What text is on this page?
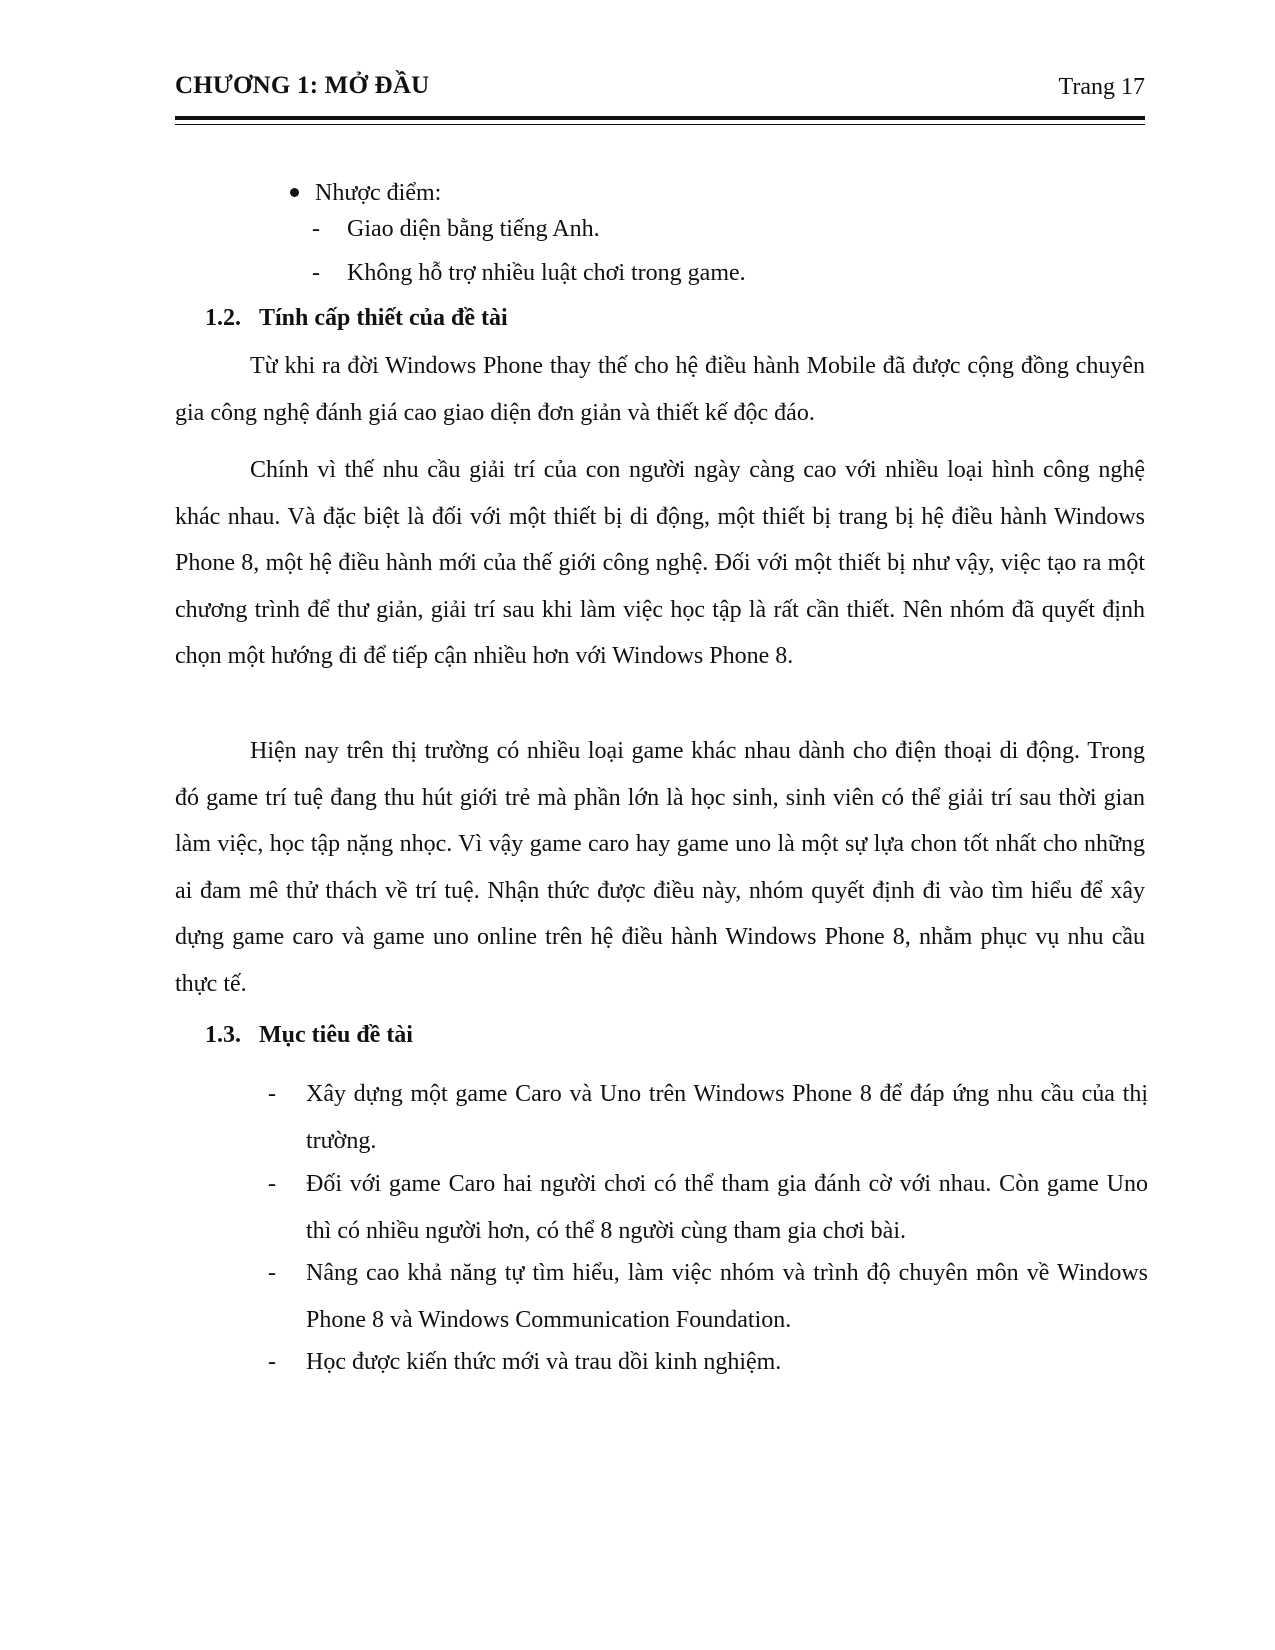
CHƯƠNG 1: MỞ ĐẦU	Trang 17
Nhược điểm:
- Giao diện bằng tiếng Anh.
- Không hỗ trợ nhiều luật chơi trong game.
1.2. Tính cấp thiết của đề tài

Từ khi ra đời Windows Phone thay thế cho hệ điều hành Mobile đã được cộng đồng chuyên gia công nghệ đánh giá cao giao diện đơn giản và thiết kế độc đáo.

Chính vì thế nhu cầu giải trí của con người ngày càng cao với nhiều loại hình công nghệ khác nhau. Và đặc biệt là đối với một thiết bị di động, một thiết bị trang bị hệ điều hành Windows Phone 8, một hệ điều hành mới của thế giới công nghệ. Đối với một thiết bị như vậy, việc tạo ra một chương trình để thư giản, giải trí sau khi làm việc học tập là rất cần thiết. Nên nhóm đã quyết định chọn một hướng đi để tiếp cận nhiều hơn với Windows Phone 8.

Hiện nay trên thị trường có nhiều loại game khác nhau dành cho điện thoại di động. Trong đó game trí tuệ đang thu hút giới trẻ mà phần lớn là học sinh, sinh viên có thể giải trí sau thời gian làm việc, học tập nặng nhọc. Vì vậy game caro hay game uno là một sự lựa chon tốt nhất cho những ai đam mê thử thách về trí tuệ. Nhận thức được điều này, nhóm quyết định đi vào tìm hiểu để xây dựng game caro và game uno online trên hệ điều hành Windows Phone 8, nhằm phục vụ nhu cầu thực tế.

1.3. Mục tiêu đề tài
- Xây dựng một game Caro và Uno trên Windows Phone 8 để đáp ứng nhu cầu của thị trường.
- Đối với game Caro hai người chơi có thể tham gia đánh cờ với nhau. Còn game Uno thì có nhiều người hơn, có thể 8 người cùng tham gia chơi bài.
- Nâng cao khả năng tự tìm hiểu, làm việc nhóm và trình độ chuyên môn về Windows Phone 8 và Windows Communication Foundation.
- Học được kiến thức mới và trau dồi kinh nghiệm.
